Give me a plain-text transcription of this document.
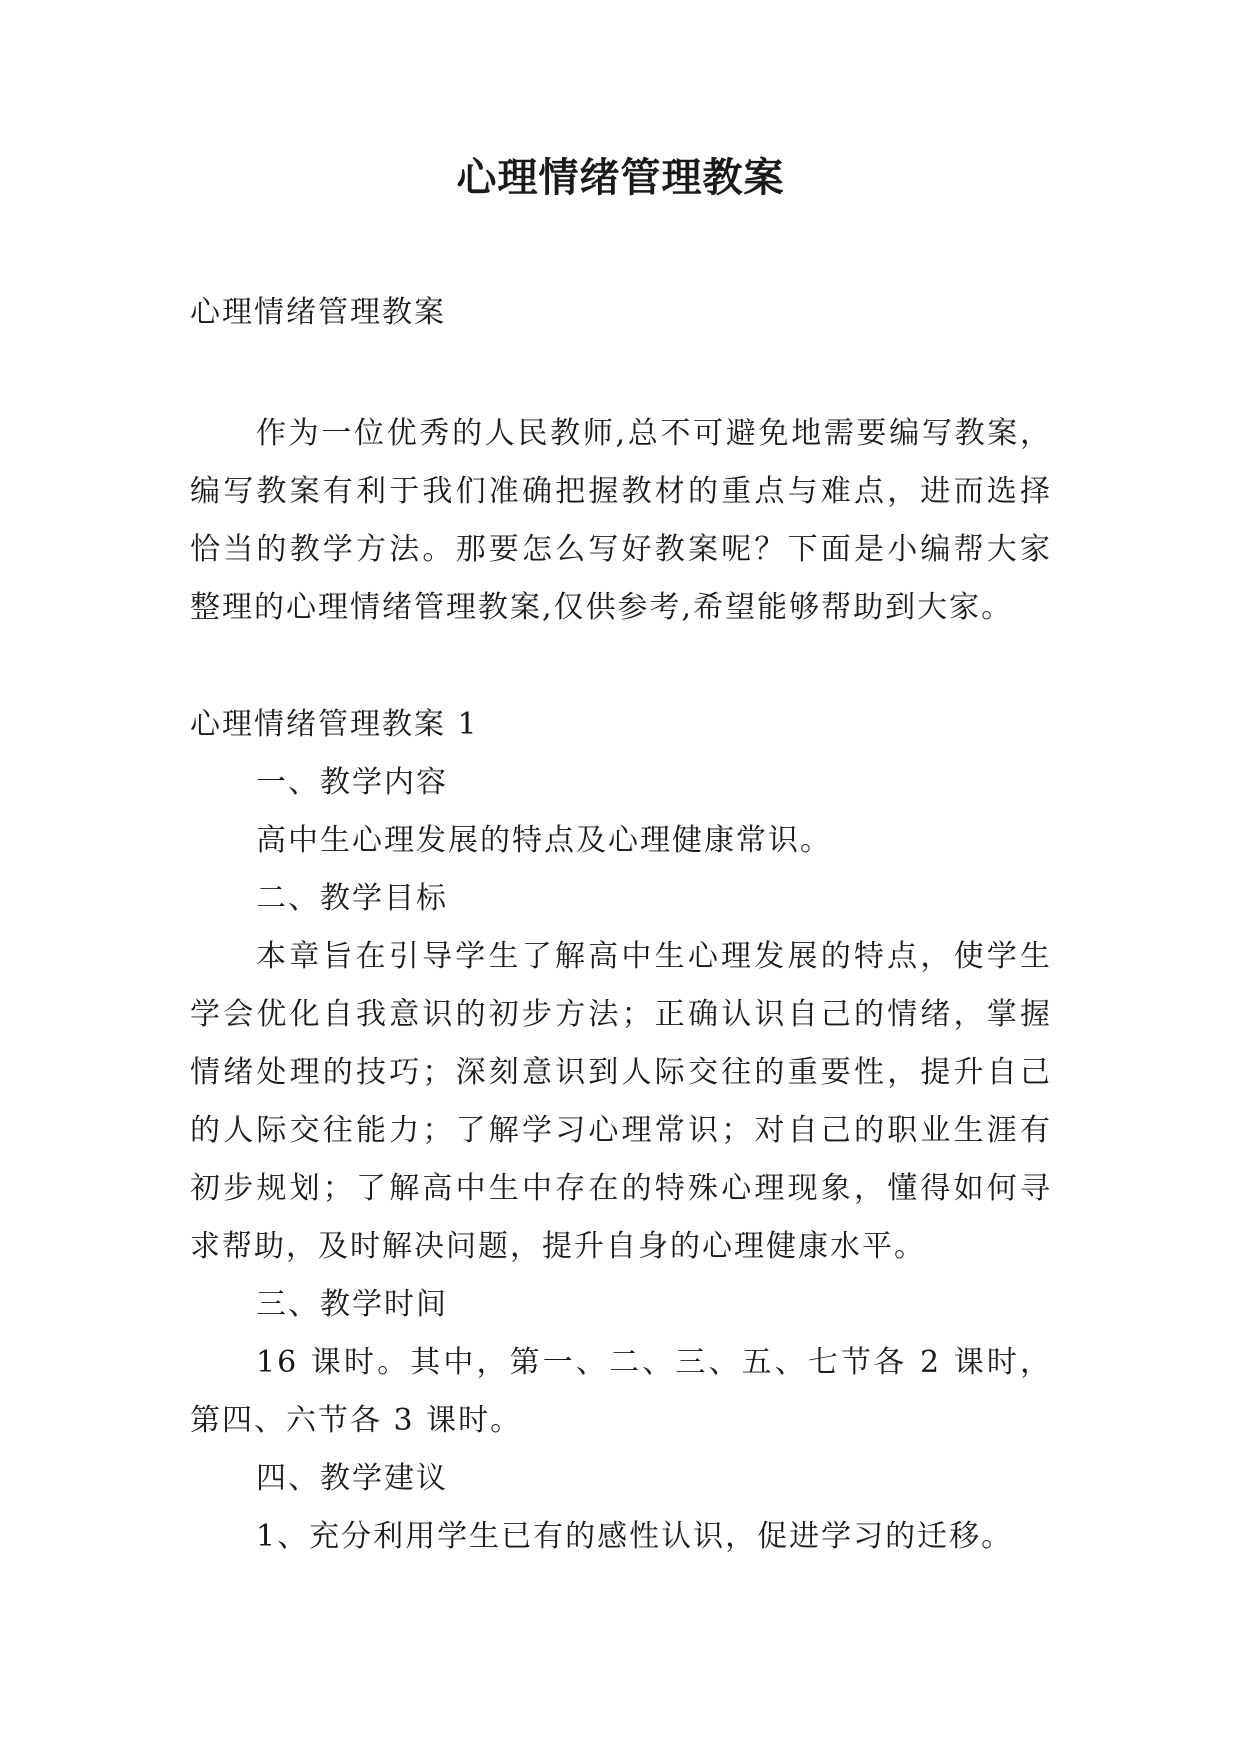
心理情绪管理教案

心理情绪管理教案

作为一位优秀的人民教师,总不可避免地需要编写教案，编写教案有利于我们准确把握教材的重点与难点，进而选择恰当的教学方法。那要怎么写好教案呢？下面是小编帮大家整理的心理情绪管理教案,仅供参考,希望能够帮助到大家。

心理情绪管理教案 1

一、教学内容

高中生心理发展的特点及心理健康常识。

二、教学目标

本章旨在引导学生了解高中生心理发展的特点，使学生学会优化自我意识的初步方法；正确认识自己的情绪，掌握情绪处理的技巧；深刻意识到人际交往的重要性，提升自己的人际交往能力；了解学习心理常识；对自己的职业生涯有初步规划；了解高中生中存在的特殊心理现象，懂得如何寻求帮助，及时解决问题，提升自身的心理健康水平。

三、教学时间

16 课时。其中，第一、二、三、五、七节各 2 课时，第四、六节各 3 课时。

四、教学建议

1、充分利用学生已有的感性认识，促进学习的迁移。
